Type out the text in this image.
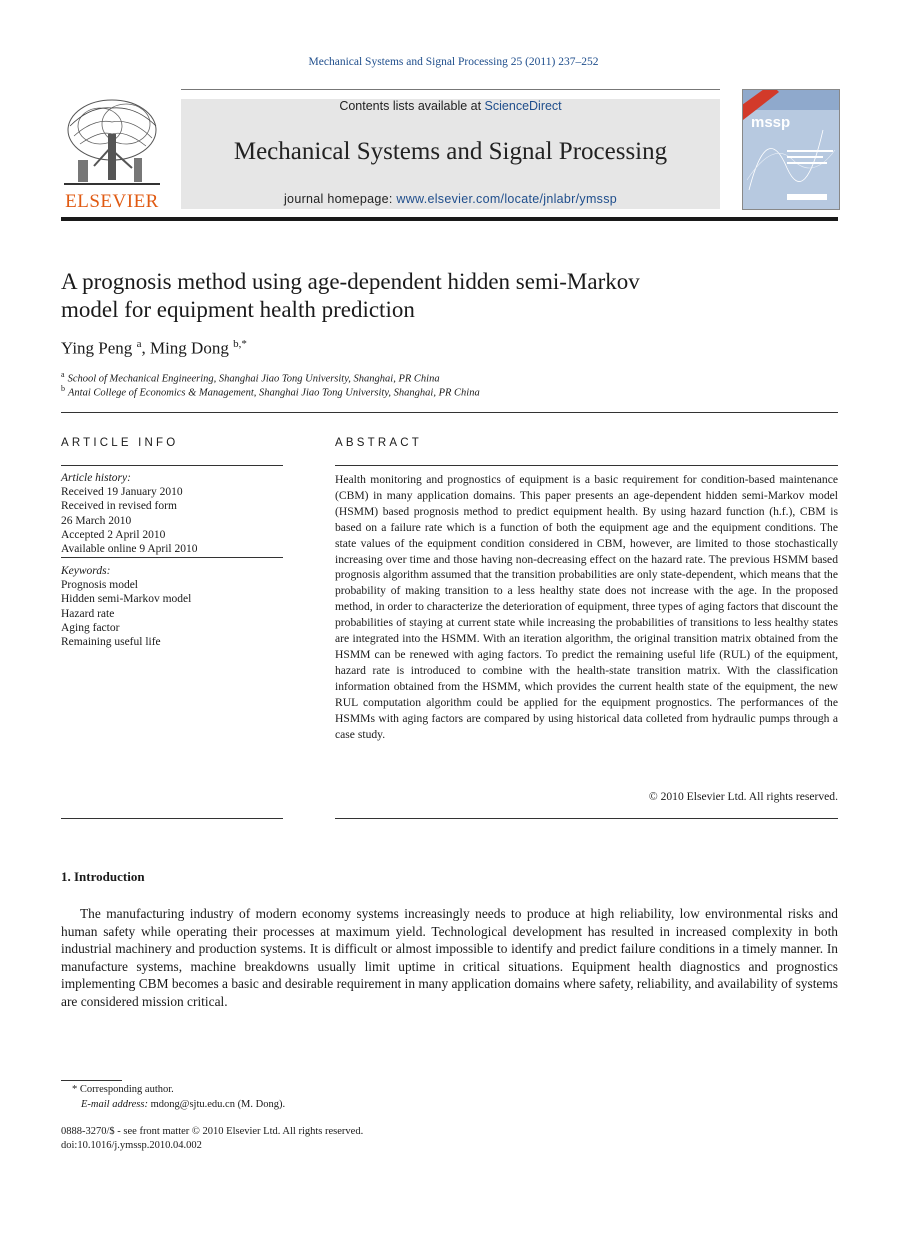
Mechanical Systems and Signal Processing 25 (2011) 237–252
ELSEVIER
Contents lists available at ScienceDirect
Mechanical Systems and Signal Processing
journal homepage: www.elsevier.com/locate/jnlabr/ymssp
mssp
A prognosis method using age-dependent hidden semi-Markov
model for equipment health prediction
Ying Peng $^a$, Ming Dong $^{b,*}$
$^a$ School of Mechanical Engineering, Shanghai Jiao Tong University, Shanghai, PR China
$^b$ Antai College of Economics & Management, Shanghai Jiao Tong University, Shanghai, PR China
ARTICLE INFO
Article history:
Received 19 January 2010
Received in revised form
26 March 2010
Accepted 2 April 2010
Available online 9 April 2010
Keywords:
Prognosis model
Hidden semi-Markov model
Hazard rate
Aging factor
Remaining useful life
ABSTRACT
Health monitoring and prognostics of equipment is a basic requirement for condition-based maintenance (CBM) in many application domains. This paper presents an age-dependent hidden semi-Markov model (HSMM) based prognosis method to predict equipment health. By using hazard function (h.f.), CBM is based on a failure rate which is a function of both the equipment age and the equipment conditions. The state values of the equipment condition considered in CBM, however, are limited to those stochastically increasing over time and those having non-decreasing effect on the hazard rate. The previous HSMM based prognosis algorithm assumed that the transition probabilities are only state-dependent, which means that the probability of making transition to a less healthy state does not increase with the age. In the proposed method, in order to characterize the deterioration of equipment, three types of aging factors that discount the probabilities of staying at current state while increasing the probabilities of transitions to less healthy states are integrated into the HSMM. With an iteration algorithm, the original transition matrix obtained from the HSMM can be renewed with aging factors. To predict the remaining useful life (RUL) of the equipment, hazard rate is introduced to combine with the health-state transition matrix. With the classification information obtained from the HSMM, which provides the current health state of the equipment, the new RUL computation algorithm could be applied for the equipment prognostics. The performances of the HSMMs with aging factors are compared by using historical data colleted from hydraulic pumps through a case study.
© 2010 Elsevier Ltd. All rights reserved.
1. Introduction
The manufacturing industry of modern economy systems increasingly needs to produce at high reliability, low environmental risks and human safety while operating their processes at maximum yield. Technological development has resulted in increased complexity in both industrial machinery and production systems. It is difficult or almost impossible to identify and predict failure conditions in a timely manner. In manufacture systems, machine breakdowns usually limit uptime in critical situations. Equipment health diagnostics and prognostics implementing CBM becomes a basic and desirable requirement in many application domains where safety, reliability, and availability of systems are considered mission critical.
* Corresponding author.
E-mail address: mdong@sjtu.edu.cn (M. Dong).
0888-3270/$ - see front matter © 2010 Elsevier Ltd. All rights reserved.
doi:10.1016/j.ymssp.2010.04.002
